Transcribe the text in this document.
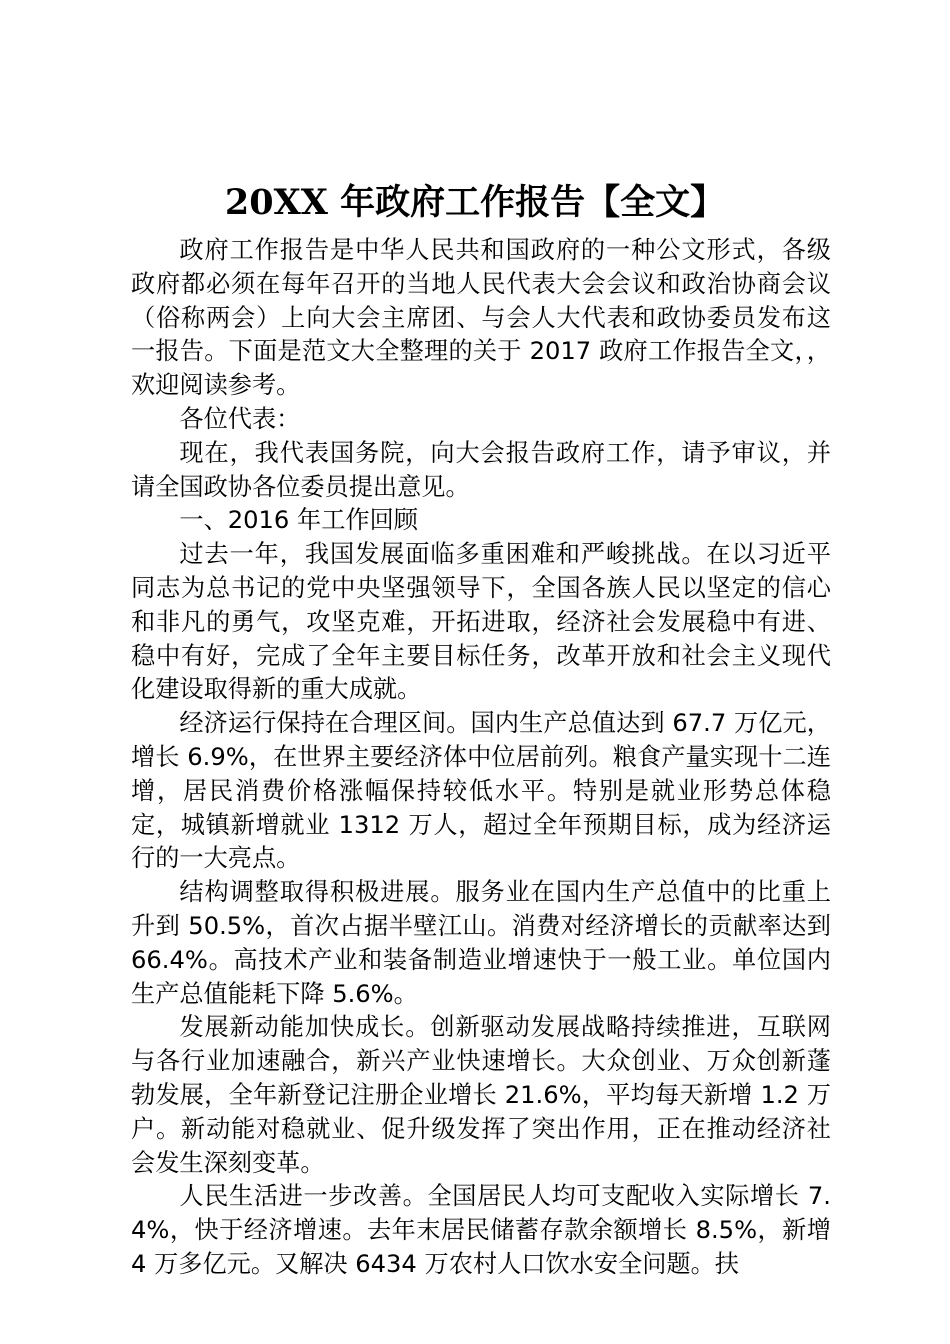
20XX 年政府工作报告【全文】

政府工作报告是中华人民共和国政府的一种公文形式，各级政府都必须在每年召开的当地人民代表大会会议和政治协商会议（俗称两会）上向大会主席团、与会人大代表和政协委员发布这一报告。下面是范文大全整理的关于 2017 政府工作报告全文，，欢迎阅读参考。

各位代表：

现在，我代表国务院，向大会报告政府工作，请予审议，并请全国政协各位委员提出意见。

一、2016 年工作回顾

过去一年，我国发展面临多重困难和严峻挑战。在以习近平同志为总书记的党中央坚强领导下，全国各族人民以坚定的信心和非凡的勇气，攻坚克难，开拓进取，经济社会发展稳中有进、稳中有好，完成了全年主要目标任务，改革开放和社会主义现代化建设取得新的重大成就。

经济运行保持在合理区间。国内生产总值达到 67.7 万亿元，增长 6.9%，在世界主要经济体中位居前列。粮食产量实现十二连增，居民消费价格涨幅保持较低水平。特别是就业形势总体稳定，城镇新增就业 1312 万人，超过全年预期目标，成为经济运行的一大亮点。

结构调整取得积极进展。服务业在国内生产总值中的比重上升到 50.5%，首次占据半壁江山。消费对经济增长的贡献率达到 66.4%。高技术产业和装备制造业增速快于一般工业。单位国内生产总值能耗下降 5.6%。

发展新动能加快成长。创新驱动发展战略持续推进，互联网与各行业加速融合，新兴产业快速增长。大众创业、万众创新蓬勃发展，全年新登记注册企业增长 21.6%，平均每天新增 1.2 万户。新动能对稳就业、促升级发挥了突出作用，正在推动经济社会发生深刻变革。

人民生活进一步改善。全国居民人均可支配收入实际增长 7.4%，快于经济增速。去年末居民储蓄存款余额增长 8.5%，新增 4 万多亿元。又解决 6434 万农村人口饮水安全问题。扶
